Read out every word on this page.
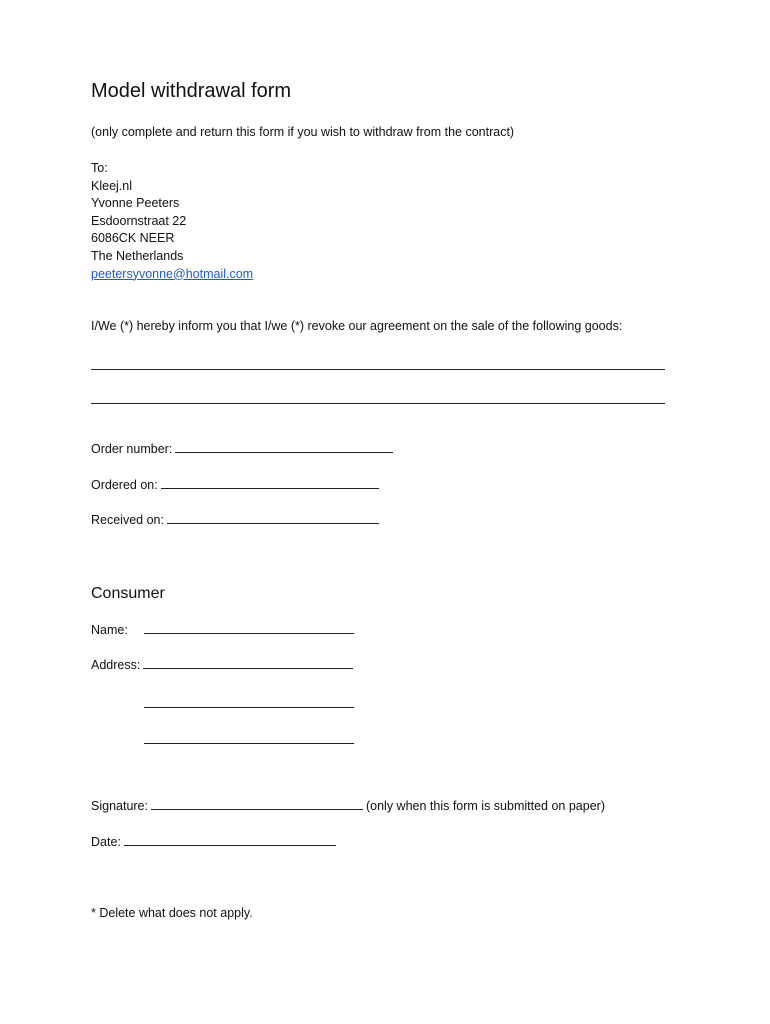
Model withdrawal form
(only complete and return this form if you wish to withdraw from the contract)
To:
Kleej.nl
Yvonne Peeters
Esdoornstraat 22
6086CK NEER
The Netherlands
peetersyvonne@hotmail.com
I/We (*) hereby inform you that I/we (*) revoke our agreement on the sale of the following goods:
Order number:
Ordered on:
Received on:
Consumer
Name:
Address:
Signature:	(only when this form is submitted on paper)
Date:
* Delete what does not apply.
